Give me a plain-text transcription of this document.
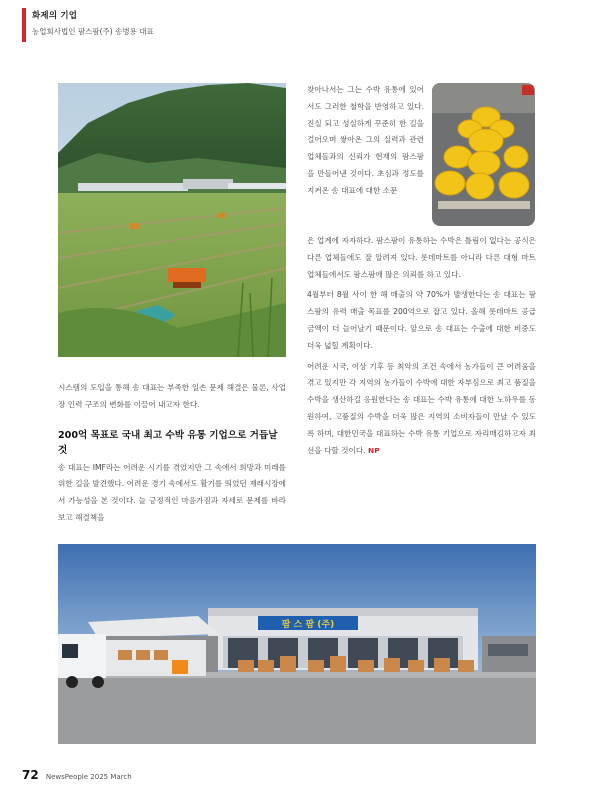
화제의 기업
농업회사법인 팜스팜(주) 송병용 대표

찾아나서는 그는 수박 유통에 있어서도 그러한 철학을 반영하고 있다. 진실 되고 성실하게 꾸준히 한 길을 걸어오며 쌓아온 그의 실력과 관련업체들과의 신뢰가 현재의 팜스팜을 만들어낸 것이다. 초심과 정도를 지켜온 송 대표에 대한 소문

은 업계에 자자하다. 팜스팜이 유통하는 수박은 틀림이 없다는 공식은 다른 업체들에도 잘 알려져 있다. 롯데마트를 아니라 다른 대형 마트 업체들에서도 팜스팜에 많은 의뢰를 하고 있다.

4월부터 8월 사이 한 해 매출의 약 70%가 발생한다는 송 대표는 팜스팜의 유력 매출 목표를 200억으로 잡고 있다. 올해 롯데마트 공급 금액이 더 늘어날기 때문이다. 앞으로 송 대표는 수출에 대한 비중도 더욱 넓힐 계획이다.

어려운 시국, 이상 기후 등 최악의 조건 속에서 농가들이 큰 어려움을 겪고 있지만 각 지역의 농가들이 수박에 대한 자부심으로 최고 품질을 수박을 생산하길 응원한다는 송 대표는 수박 유통에 대한 노하우를 동원하여, 고품질의 수박을 더욱 많은 지역의 소비자들이 만날 수 있도록 하며, 대한민국을 대표하는 수박 유통 기업으로 자리매김하고자 최선을 다할 것이다. NP

시스템의 도입을 통해 송 대표는 부족한 일손 문제 해결은 물론, 사업장 인력 구조의 변화를 이끌어 내고자 한다.

200억 목표로 국내 최고 수박 유통 기업으로 거듭날 것

송 대표는 IMF라는 어려운 시기를 겪었지만 그 속에서 희망과 미래를 위한 길을 발견했다. 어려운 경기 속에서도 활기를 띄었던 재래시장에서 가능성을 본 것이다. 늘 긍정적인 마음가짐과 자세로 문제를 바라보고 해결책을

팜 스 팜 (주)
72 NewsPeople 2025 March
